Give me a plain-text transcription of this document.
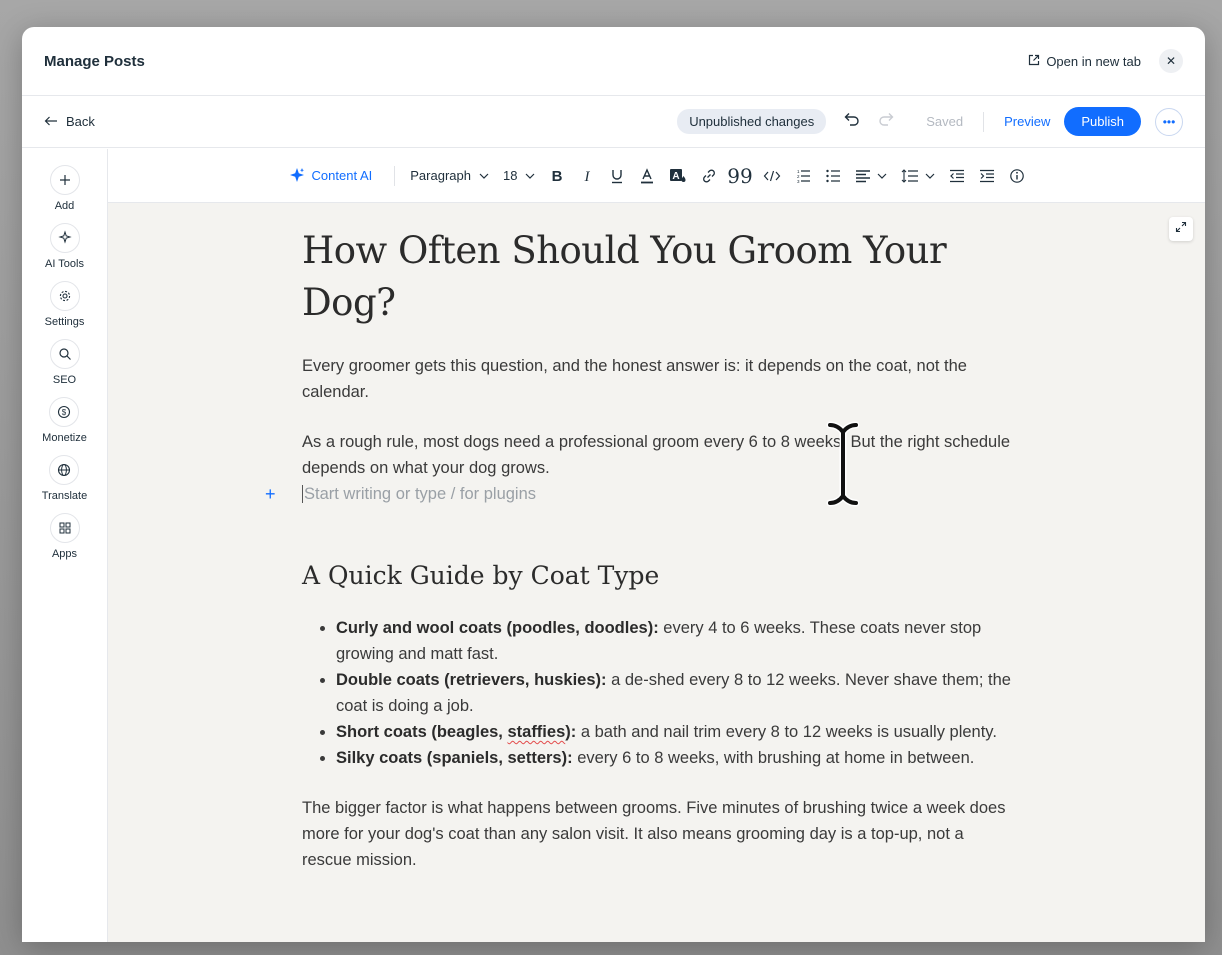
Manage Posts	Open in new tab ✕
Back	Unpublished changes	Saved	Preview	Publish	•••
Add
AI Tools
Settings
SEO
$
Monetize
Translate
Apps
Content AI	Paragraph 18 B I	A 99	1
2
3
How Often Should You Groom Your Dog?

Every groomer gets this question, and the honest answer is: it depends on the coat, not the calendar.

As a rough rule, most dogs need a professional groom every 6 to 8 weeks. But the right schedule depends on what your dog grows.

+ Start writing or type / for plugins
A Quick Guide by Coat Type
• Curly and wool coats (poodles, doodles): every 4 to 6 weeks. These coats never stop growing and matt fast.
• Double coats (retrievers, huskies): a de-shed every 8 to 12 weeks. Never shave them; the coat is doing a job.
• Short coats (beagles, staffies): a bath and nail trim every 8 to 12 weeks is usually plenty.
• Silky coats (spaniels, setters): every 6 to 8 weeks, with brushing at home in between.

The bigger factor is what happens between grooms. Five minutes of brushing twice a week does more for your dog's coat than any salon visit. It also means grooming day is a top-up, not a rescue mission.
